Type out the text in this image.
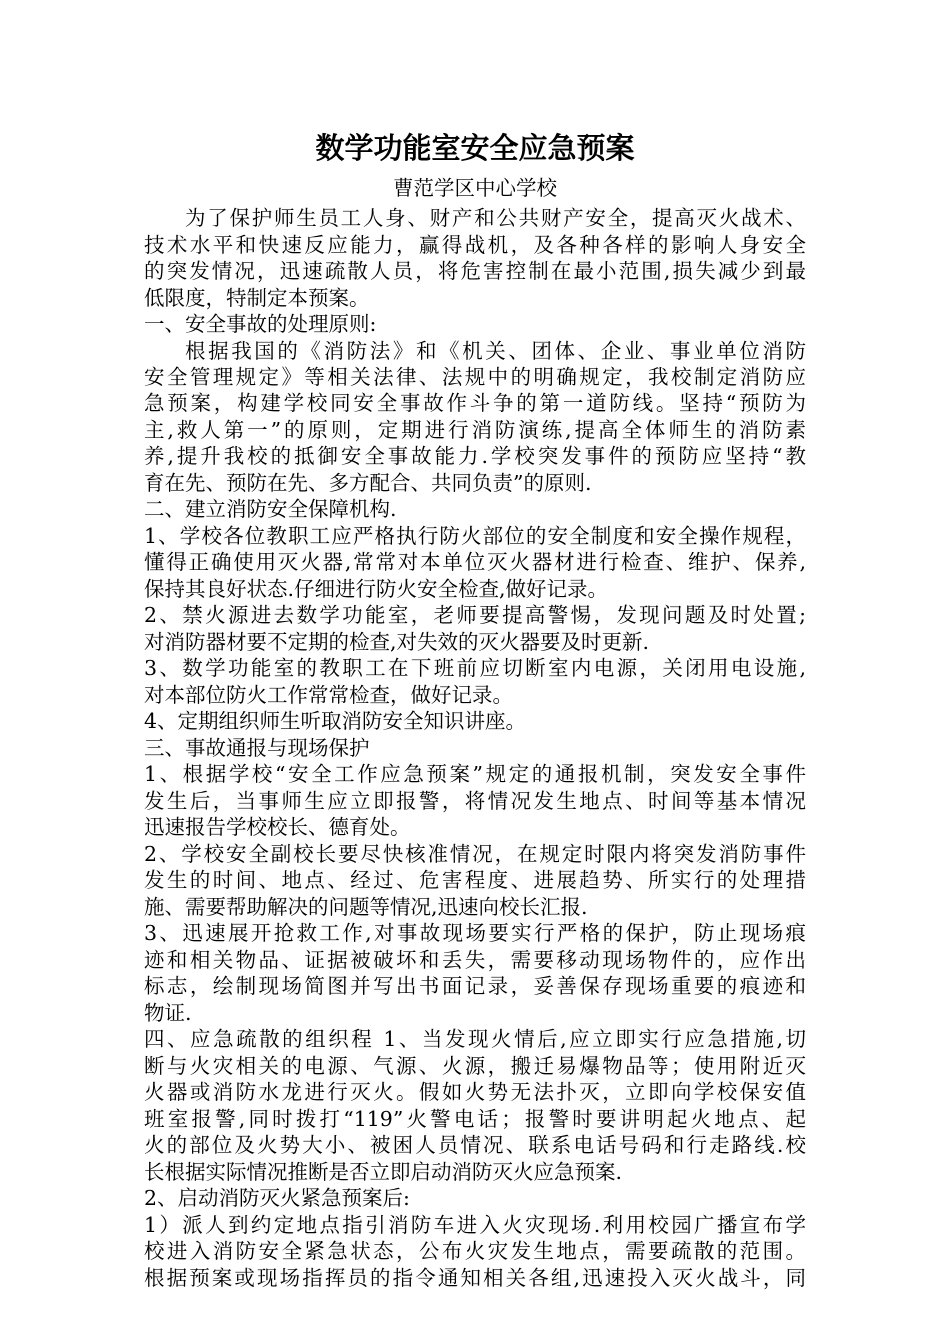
数学功能室安全应急预案

曹范学区中心学校

为了保护师生员工人身、财产和公共财产安全，提高灭火战术、

技术水平和快速反应能力，赢得战机，及各种各样的影响人身安全

的突发情况，迅速疏散人员，将危害控制在最小范围,损失减少到最

低限度，特制定本预案。

一、安全事故的处理原则:

根据我国的《消防法》和《机关、团体、企业、事业单位消防

安全管理规定》等相关法律、法规中的明确规定，我校制定消防应

急预案，构建学校同安全事故作斗争的第一道防线。坚持“预防为

主,救人第一”的原则，定期进行消防演练,提高全体师生的消防素

养,提升我校的抵御安全事故能力.学校突发事件的预防应坚持“教

育在先、预防在先、多方配合、共同负责”的原则.

二、建立消防安全保障机构.

1、学校各位教职工应严格执行防火部位的安全制度和安全操作规程，

懂得正确使用灭火器,常常对本单位灭火器材进行检查、维护、保养,

保持其良好状态.仔细进行防火安全检查,做好记录。

2、禁火源进去数学功能室，老师要提高警惕，发现问题及时处置;

对消防器材要不定期的检查,对失效的灭火器要及时更新.

3、数学功能室的教职工在下班前应切断室内电源，关闭用电设施,

对本部位防火工作常常检查，做好记录。

4、定期组织师生听取消防安全知识讲座。

三、事故通报与现场保护

1、根据学校“安全工作应急预案”规定的通报机制，突发安全事件

发生后，当事师生应立即报警，将情况发生地点、时间等基本情况

迅速报告学校校长、德育处。

2、学校安全副校长要尽快核准情况，在规定时限内将突发消防事件

发生的时间、地点、经过、危害程度、进展趋势、所实行的处理措

施、需要帮助解决的问题等情况,迅速向校长汇报.

3、迅速展开抢救工作,对事故现场要实行严格的保护，防止现场痕

迹和相关物品、证据被破坏和丢失，需要移动现场物件的，应作出

标志，绘制现场简图并写出书面记录，妥善保存现场重要的痕迹和

物证.

四、应急疏散的组织程 1、当发现火情后,应立即实行应急措施,切

断与火灾相关的电源、气源、火源，搬迁易爆物品等；使用附近灭

火器或消防水龙进行灭火。假如火势无法扑灭，立即向学校保安值

班室报警,同时拨打“119”火警电话；报警时要讲明起火地点、起

火的部位及火势大小、被困人员情况、联系电话号码和行走路线.校

长根据实际情况推断是否立即启动消防灭火应急预案.

2、启动消防灭火紧急预案后:

1）派人到约定地点指引消防车进入火灾现场.利用校园广播宣布学

校进入消防安全紧急状态，公布火灾发生地点，需要疏散的范围。

根据预案或现场指挥员的指令通知相关各组,迅速投入灭火战斗，同
